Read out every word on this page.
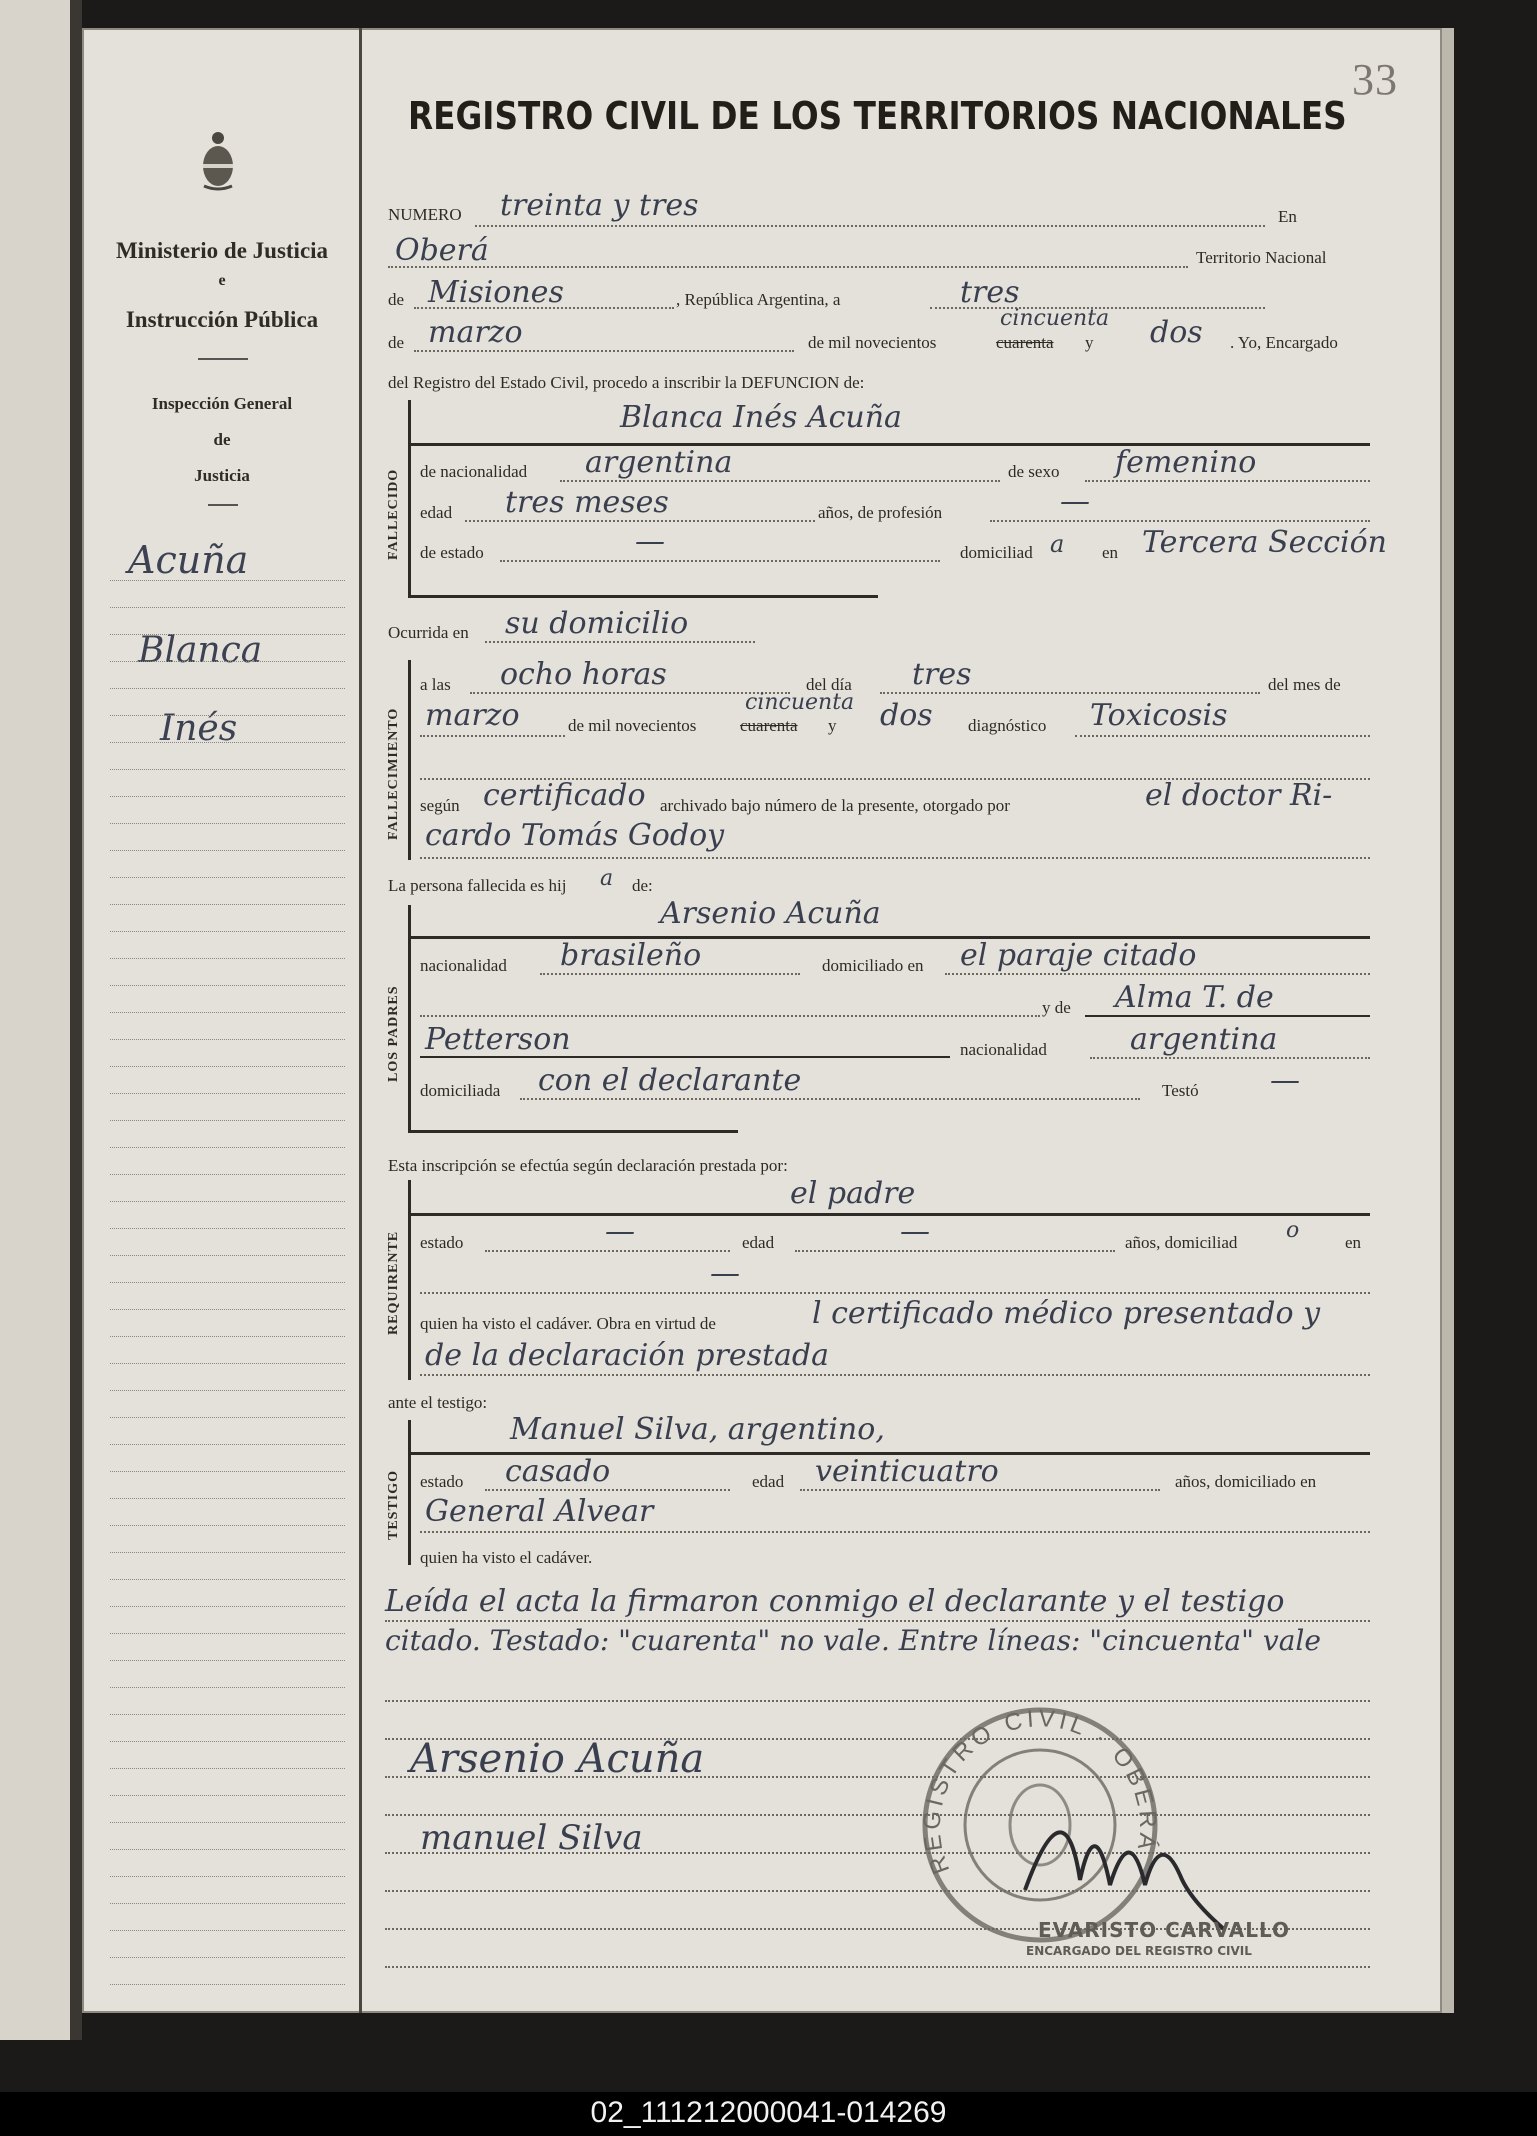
33
REGISTRO CIVIL DE LOS TERRITORIOS NACIONALES
Ministerio de Justicia
e
Instrucción Pública
Inspección General
de
Justicia
Acuña
Blanca
Inés
NUMERO treinta y tres	En
Oberá	Territorio Nacional
de Misiones	, República Argentina, a	tres
de marzo	de mil novecientos	cuarenta
cincuenta
y dos . Yo, Encargado
del Registro del Estado Civil, procedo a inscribir la DEFUNCION de:
FALLECIDO
Blanca Inés Acuña
de nacionalidad argentina	de sexo femenino
edad tres meses	años, de profesión	—
de estado	—	domiciliad a en Tercera Sección
Ocurrida en su domicilio
FALLECIMIENTO
a las ocho horas	del día tres	del mes de
marzo	de mil novecientos	cuarenta
cincuenta
y dos diagnóstico Toxicosis
según certificado archivado bajo número de la presente, otorgado por	el doctor Ri-
cardo Tomás Godoy
La persona fallecida es hij a de:
LOS PADRES
Arsenio Acuña
nacionalidad brasileño	domiciliado en el paraje citado
y de Alma T. de
Petterson	nacionalidad	argentina
domiciliada con el declarante	Testó —
Esta inscripción se efectúa según declaración prestada por:
REQUIRENTE
el padre
estado	—	edad	—	años, domiciliad o	en
—
quien ha visto el cadáver. Obra en virtud de	l certificado médico presentado y
de la declaración prestada
ante el testigo:
TESTIGO
Manuel Silva, argentino,
estado casado	edad veinticuatro	años, domiciliado en
General Alvear
quien ha visto el cadáver.
Leída el acta la firmaron conmigo el declarante y el testigo
citado. Testado: "cuarenta" no vale. Entre líneas: "cincuenta" vale
Arsenio Acuña
manuel Silva
REGISTRO CIVIL · OBERÁ
EVARISTO CARVALLO
ENCARGADO DEL REGISTRO CIVIL
02_111212000041-014269
